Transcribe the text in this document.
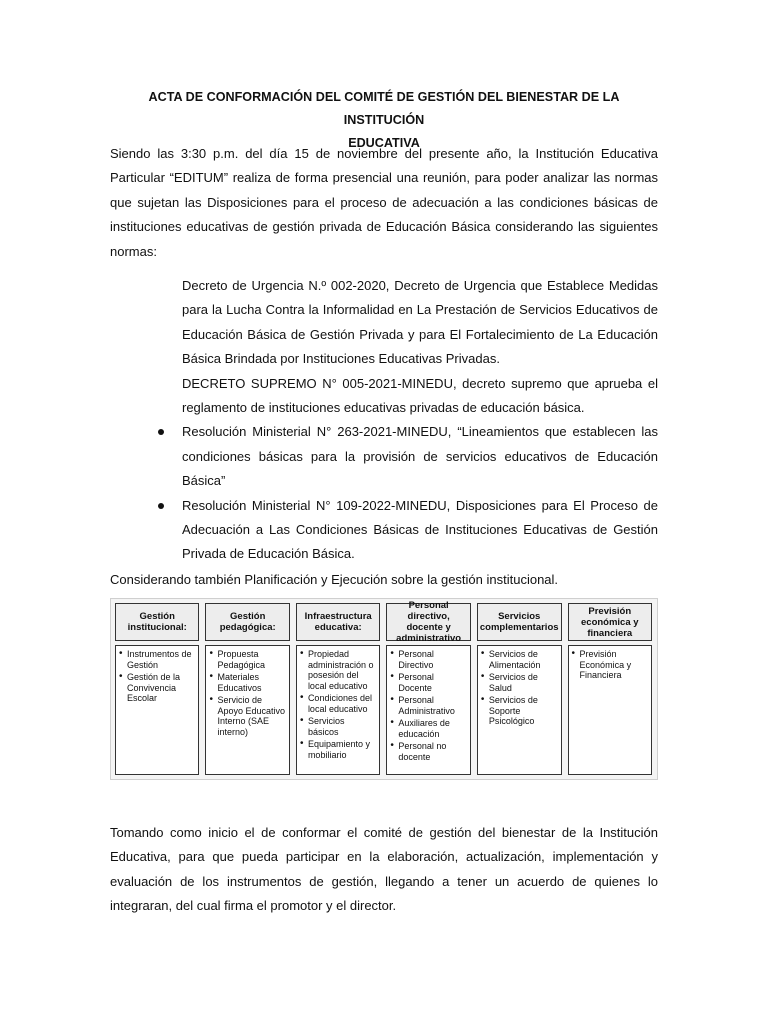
ACTA DE CONFORMACIÓN DEL COMITÉ DE GESTIÓN DEL BIENESTAR DE LA INSTITUCIÓN
EDUCATIVA
Siendo las 3:30 p.m. del día 15 de noviembre del presente año, la Institución Educativa
Particular “EDITUM” realiza de forma presencial una reunión, para poder analizar las normas
que sujetan las Disposiciones para el proceso de adecuación a las condiciones básicas de
instituciones educativas de gestión privada de Educación Básica considerando las siguientes
normas:
Decreto de Urgencia N.º 002-2020, Decreto de Urgencia que Establece Medidas
para la Lucha Contra la Informalidad en La Prestación de Servicios Educativos de
Educación Básica de Gestión Privada y para El Fortalecimiento de La Educación
Básica Brindada por Instituciones Educativas Privadas.
DECRETO SUPREMO N° 005-2021-MINEDU, decreto supremo que aprueba el
reglamento de instituciones educativas privadas de educación básica.
Resolución Ministerial N° 263-2021-MINEDU, “Lineamientos que establecen las
condiciones básicas para la provisión de servicios educativos de Educación
Básica”
Resolución Ministerial N° 109-2022-MINEDU, Disposiciones para El Proceso de
Adecuación a Las Condiciones Básicas de Instituciones Educativas de Gestión
Privada de Educación Básica.
Considerando también Planificación y Ejecución sobre la gestión institucional.
Gestión institucional:
• Instrumentos de Gestión
• Gestión de la Convivencia Escolar
Gestión pedagógica:
• Propuesta Pedagógica
• Materiales Educativos
• Servicio de Apoyo Educativo Interno (SAE interno)
Infraestructura educativa:
• Propiedad administración o posesión del local educativo
• Condiciones del local educativo
• Servicios básicos
• Equipamiento y mobiliario
Personal directivo, docente y administrativo
• Personal Directivo
• Personal Docente
• Personal Administrativo
• Auxiliares de educación
• Personal no docente
Servicios complementarios
• Servicios de Alimentación
• Servicios de Salud
• Servicios de Soporte Psicológico
Previsión económica y financiera
• Previsión Económica y Financiera
Tomando como inicio el de conformar el comité de gestión del bienestar de la Institución
Educativa, para que pueda participar en la elaboración, actualización, implementación y
evaluación de los instrumentos de gestión, llegando a tener un acuerdo de quienes lo
integraran, del cual firma el promotor y el director.
